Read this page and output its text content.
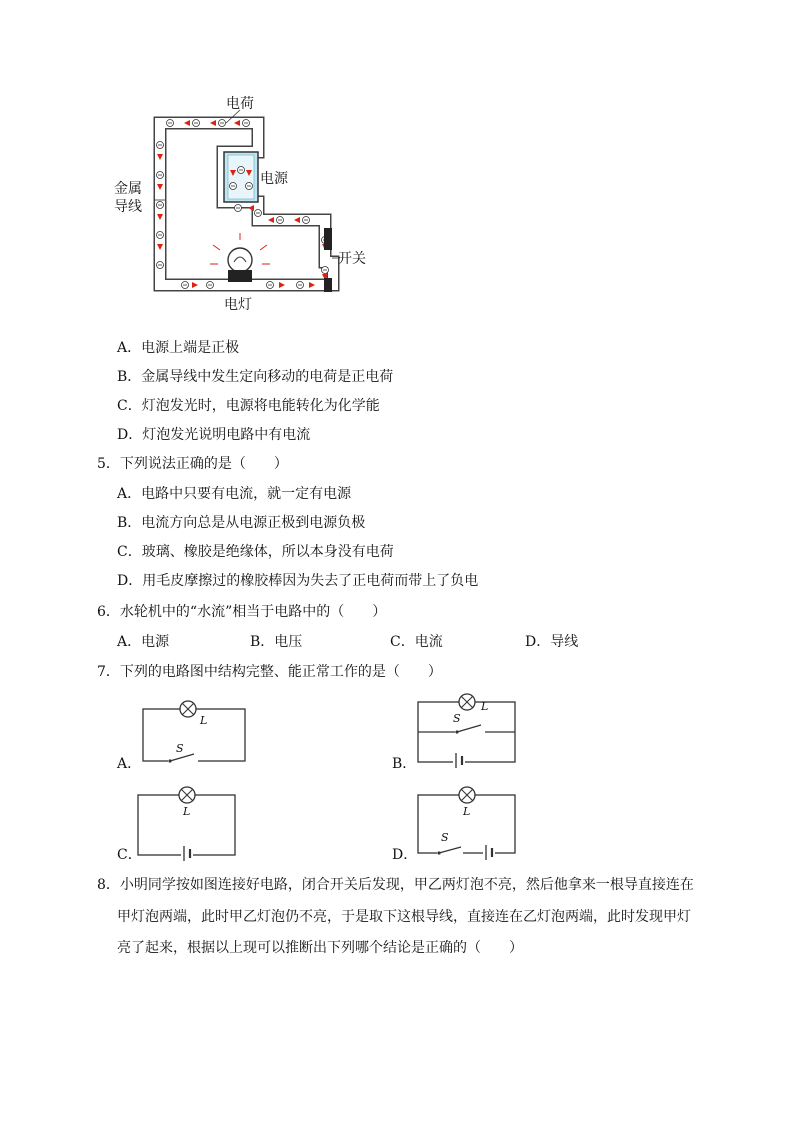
电荷
电源
金属
导线
开关
电灯
A．电源上端是正极
B．金属导线中发生定向移动的电荷是正电荷
C．灯泡发光时，电源将电能转化为化学能
D．灯泡发光说明电路中有电流
5．下列说法正确的是（　　）
A．电路中只要有电流，就一定有电源
B．电流方向总是从电源正极到电源负极
C．玻璃、橡胶是绝缘体，所以本身没有电荷
D．用毛皮摩擦过的橡胶棒因为失去了正电荷而带上了负电
6．水轮机中的“水流”相当于电路中的（　　）
A．电源	B．电压	C．电流	D．导线
7．下列的电路图中结构完整、能正常工作的是（　　）
L
S
A．
L
S
B．
L
C．
L
S
D．
8．小明同学按如图连接好电路，闭合开关后发现，甲乙两灯泡不亮，然后他拿来一根导直接连在
甲灯泡两端，此时甲乙灯泡仍不亮，于是取下这根导线，直接连在乙灯泡两端，此时发现甲灯
亮了起来，根据以上现可以推断出下列哪个结论是正确的（　　）
